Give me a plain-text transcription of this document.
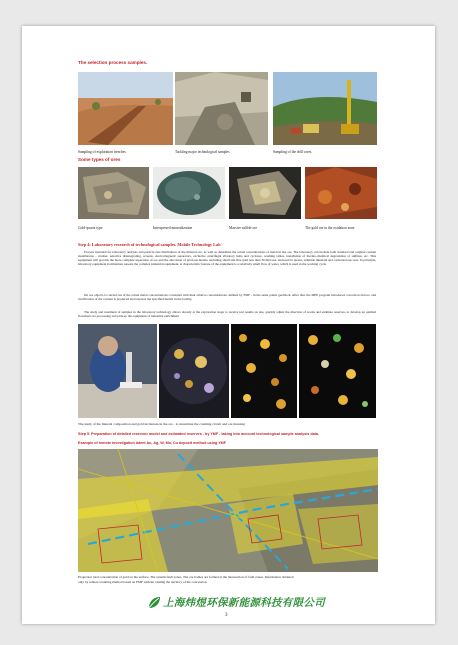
The selection process samples.
Sampling of exploration trenches	Tackling major technological samples	Sampling of the drill cores.
Some types of ores
Gold-quartz type	Interspersed mineralization	Massive sulfide ore	The gold ore in the oxidation zone
Step 4: Laboratory research of technological samples. Mobile Technology Lab
Process intended for laboratory analysis and particle size distribution of the mineral ore, as well as determine the actual concentrations of metal in the ore. The laboratory can include both standard and original custom installations - crusher, selective disintegrating, screens, electromagnetic separators, exclusive centrifugal vibratory hubs and cyclones, washing tables, installation of thermo-chemical degradation of sulfides, etc. This equipment will provide the more complete separation of ore and the allocation of precious metals, including small and fine gold less than 30 microns, enclosed in quartz, sulphide minerals and carbonaceous ores. In principle, laboratory equipment in miniature repeats the complex industrial equipment. A characteristic feature of the equipment is a relatively small flow of water, which is used in the working cycle.
On ore objects is carried out of the actual metal concentrations correlated with their relative concentrations, defined by FMF - in the same points geoblock. After that, the MEP program introduced correction factors, and clarification of the content is produced and reserves the specified metals in the facility.
The study and treatment of samples in the laboratory technology allows already at the exploration stage to receive test results on site, quickly adjust the direction of works and estimate reserves, to develop an optimal flowsheet ore processing and pick up the equipment of industrial enrichment
The study of the mineral composition and gold inclusions in the ore - to determine the crushing circuit and ore dressing
Step 5. Preparation of detailed reservoir model and estimated reserves - by YMF - taking into account technological sample analysis data.
Example of remote investigation latent Au, Ag, W, Mo, Cu deposit method using YMF
Projection total concentration of gold on the surface. The system fault zones. The ore bodies are formed at the intersection of fault zones. Information obtained
only by remote scanning method based on FMF without visiting the territory of the concession.
上海炜煜环保新能源科技有限公司
3
